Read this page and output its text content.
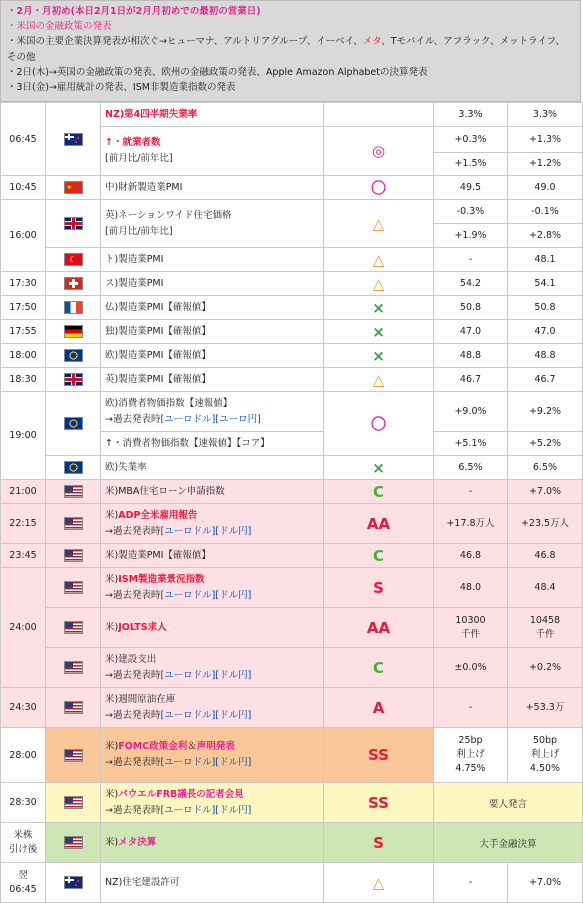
・2月・月初め(本日2月1日が2月月初めでの最初の営業日)
・米国の金融政策の発表
・米国の主要企業決算発表が相次ぐ→ヒューマナ、アルトリアグループ、イーベイ、メタ、Tモバイル、アフラック、メットライフ、
その他
・2日(木)→英国の金融政策の発表、欧州の金融政策の発表、Apple Amazon Alphabetの決算発表
・3日(金)→雇用統計の発表、ISM非製造業指数の発表
06:45		NZ)第4四半期失業率		3.3%	3.3%
		↑・就業者数
[前月比/前年比]	◎	+0.3%	+1.3%
				+1.5%	+1.2%
10:45	★	中)財新製造業PMI	〇	49.5	49.0
16:00		英)ネーションワイド住宅価格
[前月比/前年比]	△	-0.3%	-0.1%
				+1.9%	+2.8%
	☾	ト)製造業PMI	△	-	48.1
17:30		ス)製造業PMI	△	54.2	54.1
17:50		仏)製造業PMI【確報値】	×	50.8	50.8
17:55		独)製造業PMI【確報値】	×	47.0	47.0
18:00		欧)製造業PMI【確報値】	×	48.8	48.8
18:30		英)製造業PMI【確報値】	△	46.7	46.7
19:00		欧)消費者物価指数【速報値】
→過去発表時[ユーロドル][ユーロ円]	〇	+9.0%	+9.2%
		↑・消費者物価指数【速報値】【コア】		+5.1%	+5.2%
		欧)失業率	×	6.5%	6.5%
21:00		米)MBA住宅ローン申請指数	C	-	+7.0%
22:15		米)ADP全米雇用報告
→過去発表時[ユーロドル][ドル円]	AA	+17.8万人	+23.5万人
23:45		米)製造業PMI【確報値】	C	46.8	46.8
24:00		米)ISM製造業景況指数
→過去発表時[ユーロドル][ドル円]	S	48.0	48.4
		米)JOLTS求人	AA	10300
千件	10458
千件
		米)建設支出
→過去発表時[ユーロドル][ドル円]	C	±0.0%	+0.2%
24:30		米)週間原油在庫
→過去発表時[ユーロドル][ドル円]	A	-	+53.3万
28:00		米)FOMC政策金利＆声明発表
→過去発表時[ユーロドル][ドル円]	SS	25bp
利上げ
4.75%	50bp
利上げ
4.50%
28:30		米)パウエルFRB議長の記者会見
→過去発表時[ユーロドル][ドル円]	SS	要人発言	
米株
引け後		米)メタ決算	S	大手金融決算	
翌
06:45		NZ)住宅建設許可	△	-	+7.0%
